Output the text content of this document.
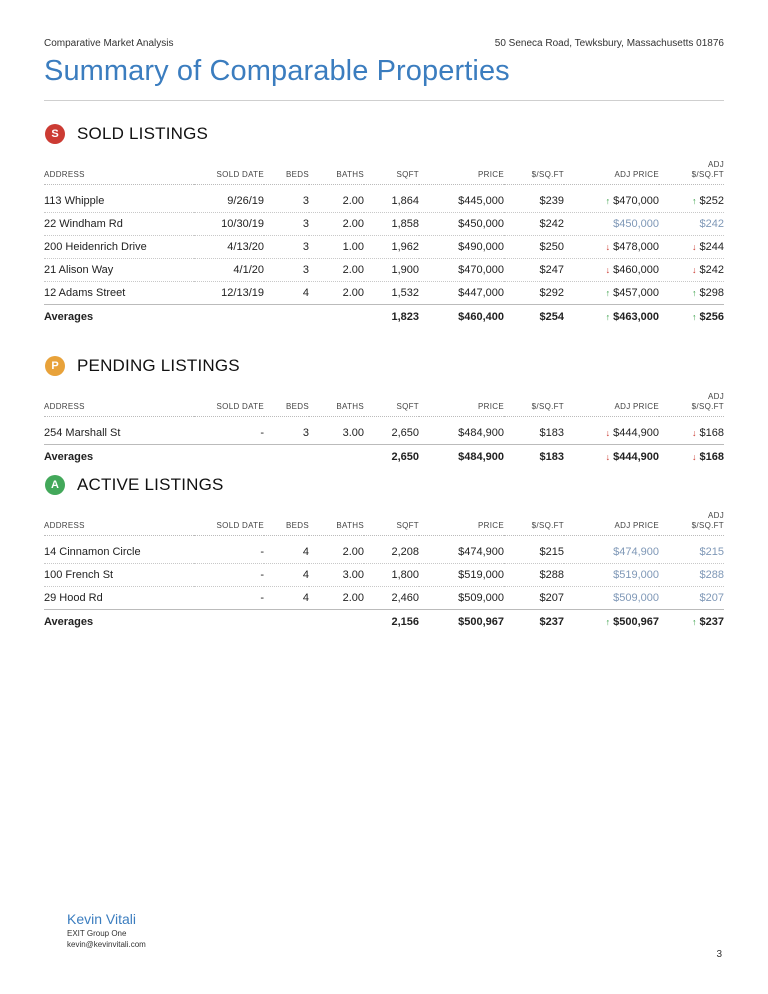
Comparative Market Analysis	50 Seneca Road, Tewksbury, Massachusetts 01876
Summary of Comparable Properties
S	SOLD LISTINGS
ADDRESS	SOLD DATE	BEDS	BATHS	SQFT	PRICE	$/SQ.FT	ADJ PRICE	ADJ
$/SQ.FT

113 Whipple	9/26/19	3	2.00	1,864	$445,000	$239	↑ $470,000	↑ $252
22 Windham Rd	10/30/19	3	2.00	1,858	$450,000	$242	$450,000	$242
200 Heidenrich Drive	4/13/20	3	1.00	1,962	$490,000	$250	↓ $478,000	↓ $244
21 Alison Way	4/1/20	3	2.00	1,900	$470,000	$247	↓ $460,000	↓ $242
12 Adams Street	12/13/19	4	2.00	1,532	$447,000	$292	↑ $457,000	↑ $298
Averages				1,823	$460,400	$254	↑ $463,000	↑ $256
P	PENDING LISTINGS
ADDRESS	SOLD DATE	BEDS	BATHS	SQFT	PRICE	$/SQ.FT	ADJ PRICE	ADJ
$/SQ.FT

254 Marshall St	-	3	3.00	2,650	$484,900	$183	↓ $444,900	↓ $168
Averages				2,650	$484,900	$183	↓ $444,900	↓ $168
A	ACTIVE LISTINGS
ADDRESS	SOLD DATE	BEDS	BATHS	SQFT	PRICE	$/SQ.FT	ADJ PRICE	ADJ
$/SQ.FT

14 Cinnamon Circle	-	4	2.00	2,208	$474,900	$215	$474,900	$215
100 French St	-	4	3.00	1,800	$519,000	$288	$519,000	$288
29 Hood Rd	-	4	2.00	2,460	$509,000	$207	$509,000	$207
Averages				2,156	$500,967	$237	↑ $500,967	↑ $237
Kevin Vitali
EXIT Group One
kevin@kevinvitali.com
3
